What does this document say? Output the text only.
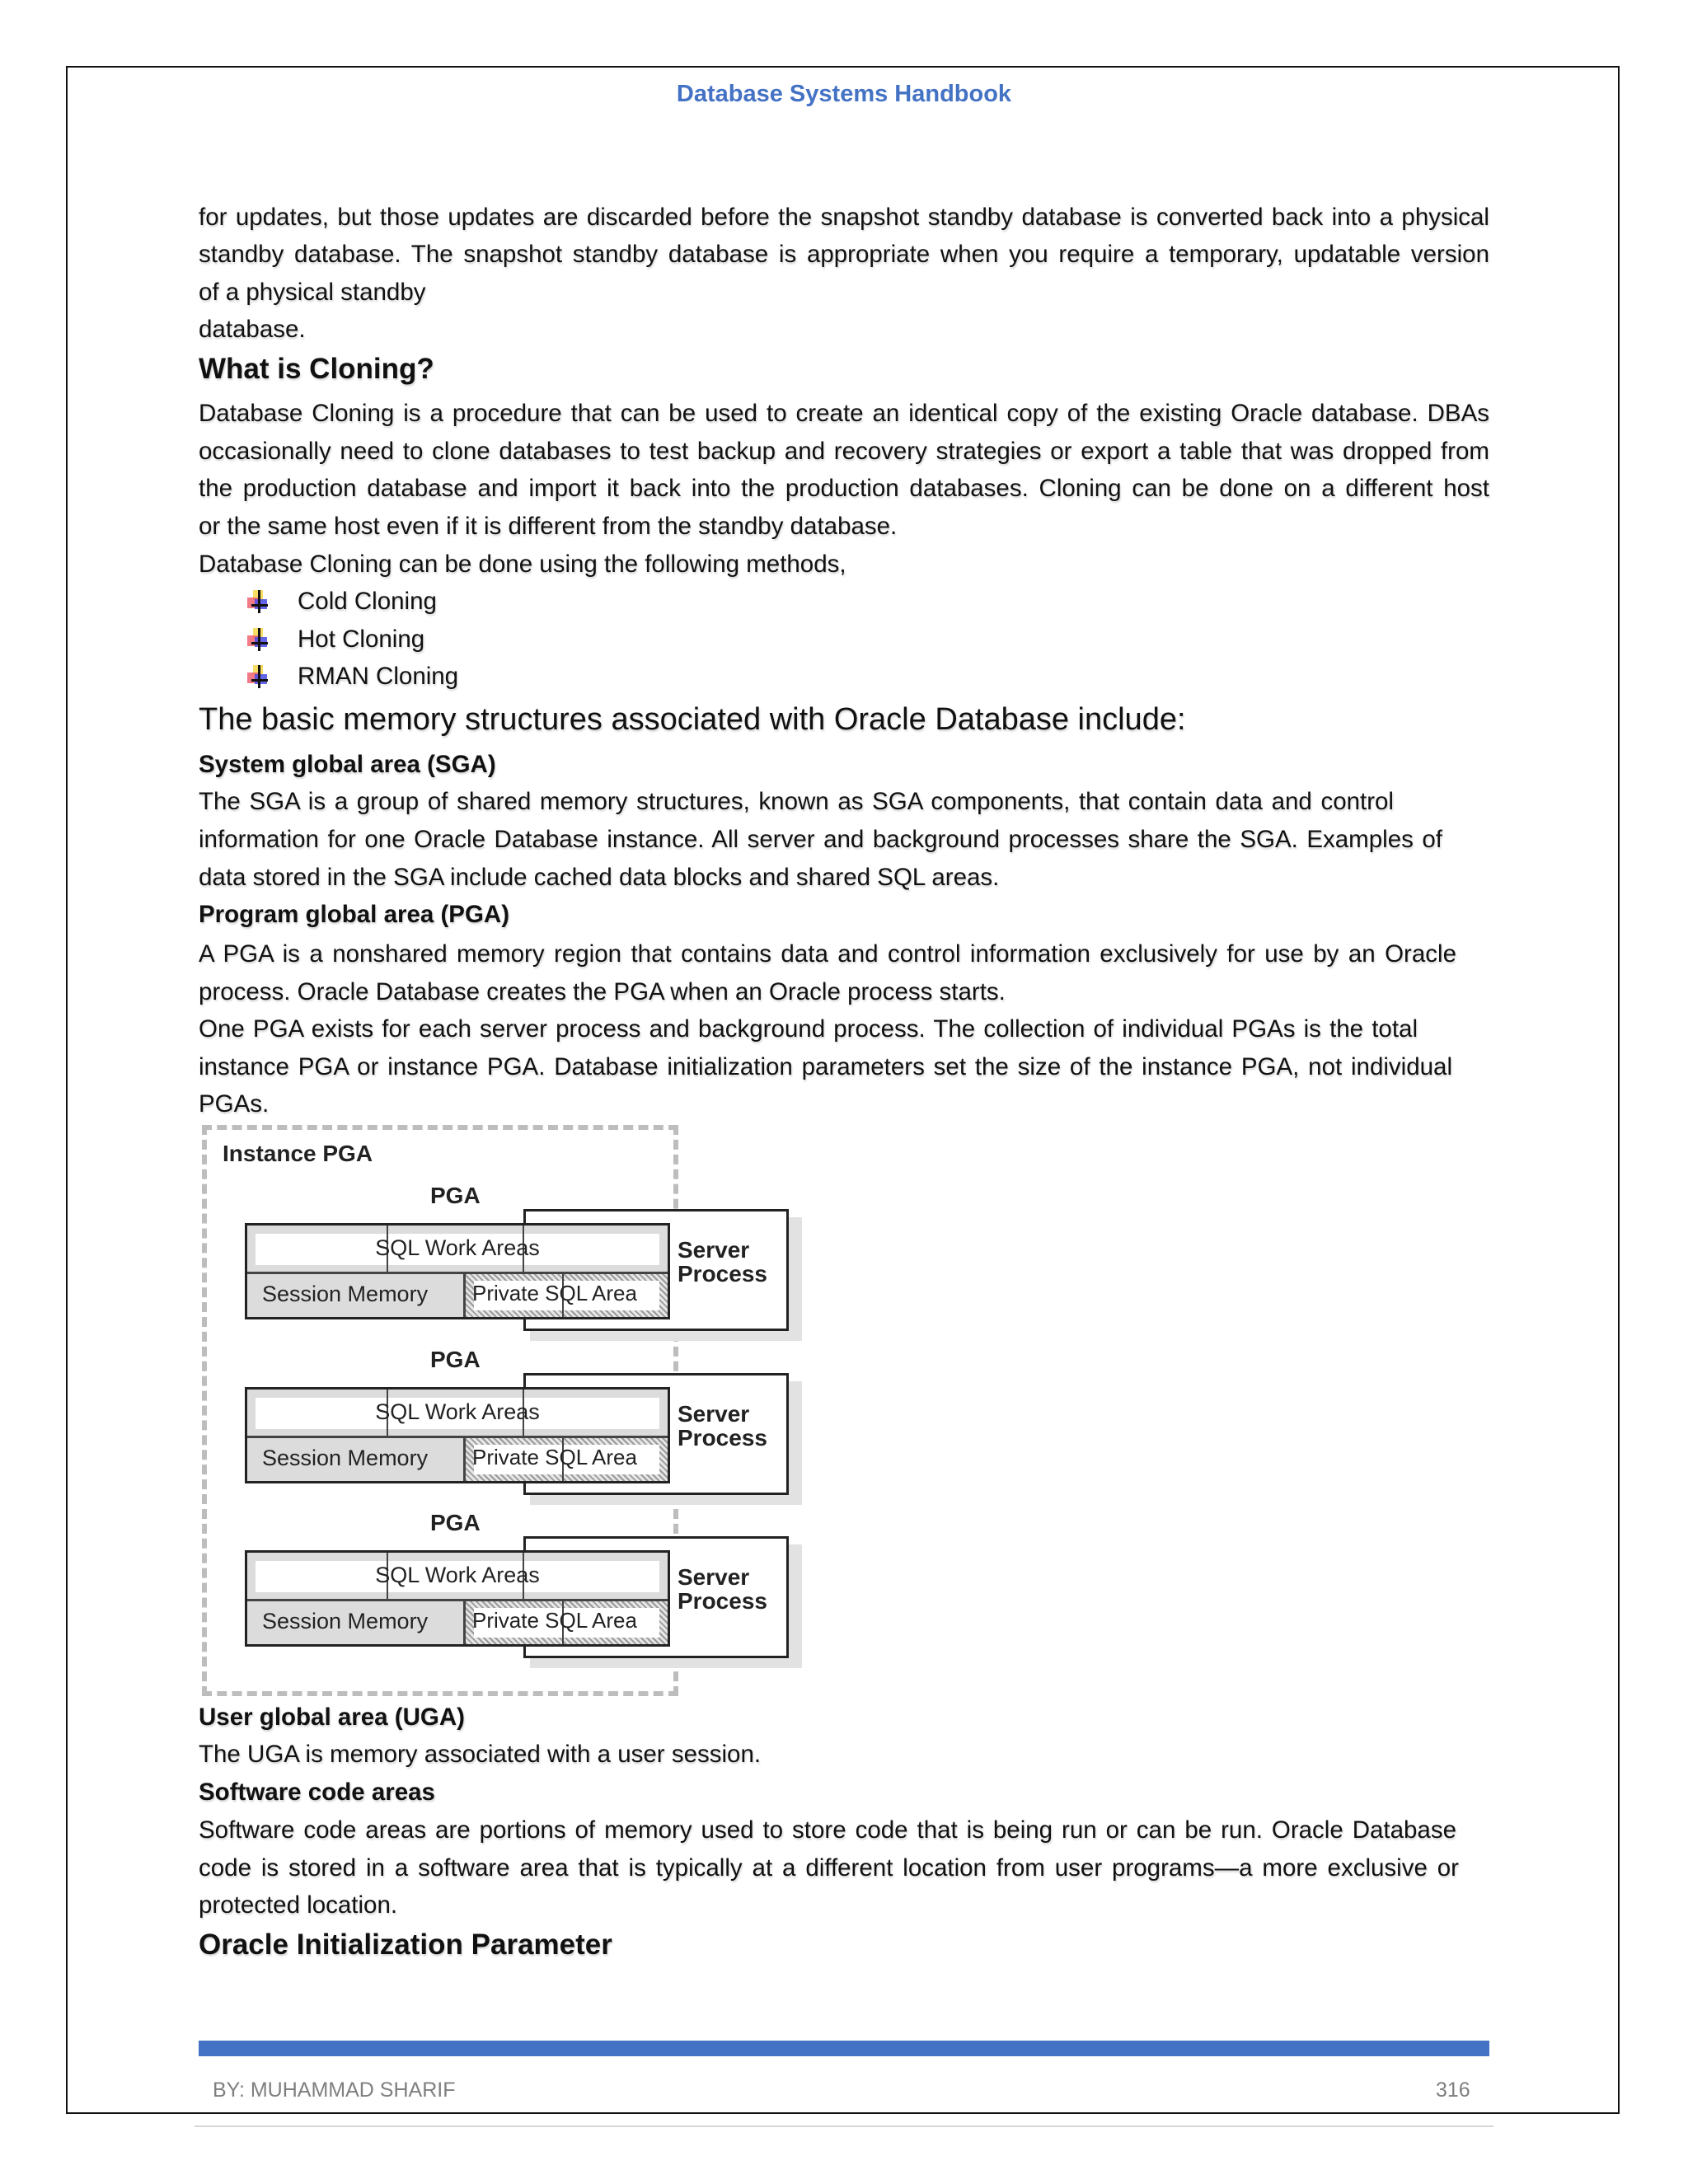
Database Systems Handbook
for updates, but those updates are discarded before the snapshot standby database is converted back into a physical
standby database. The snapshot standby database is appropriate when you require a temporary, updatable version
of a physical standby
database.
What is Cloning?
Database Cloning is a procedure that can be used to create an identical copy of the existing Oracle database. DBAs
occasionally need to clone databases to test backup and recovery strategies or export a table that was dropped from
the production database and import it back into the production databases. Cloning can be done on a different host
or the same host even if it is different from the standby database.
Database Cloning can be done using the following methods,
Cold Cloning
Hot Cloning
RMAN Cloning
The basic memory structures associated with Oracle Database include:
System global area (SGA)
The SGA is a group of shared memory structures, known as SGA components, that contain data and control
information for one Oracle Database instance. All server and background processes share the SGA. Examples of
data stored in the SGA include cached data blocks and shared SQL areas.
Program global area (PGA)
A PGA is a nonshared memory region that contains data and control information exclusively for use by an Oracle
process. Oracle Database creates the PGA when an Oracle process starts.
One PGA exists for each server process and background process. The collection of individual PGAs is the total
instance PGA or instance PGA. Database initialization parameters set the size of the instance PGA, not individual
PGAs.
Instance PGA
Server Process
SQL Work Areas
Private SQL Area
Session Memory
PGA
Server Process
SQL Work Areas
Private SQL Area
Session Memory
PGA
Server Process
SQL Work Areas
Private SQL Area
Session Memory
PGA
User global area (UGA)
The UGA is memory associated with a user session.
Software code areas
Software code areas are portions of memory used to store code that is being run or can be run. Oracle Database
code is stored in a software area that is typically at a different location from user programs—a more exclusive or
protected location.
Oracle Initialization Parameter
BY: MUHAMMAD SHARIF	316
